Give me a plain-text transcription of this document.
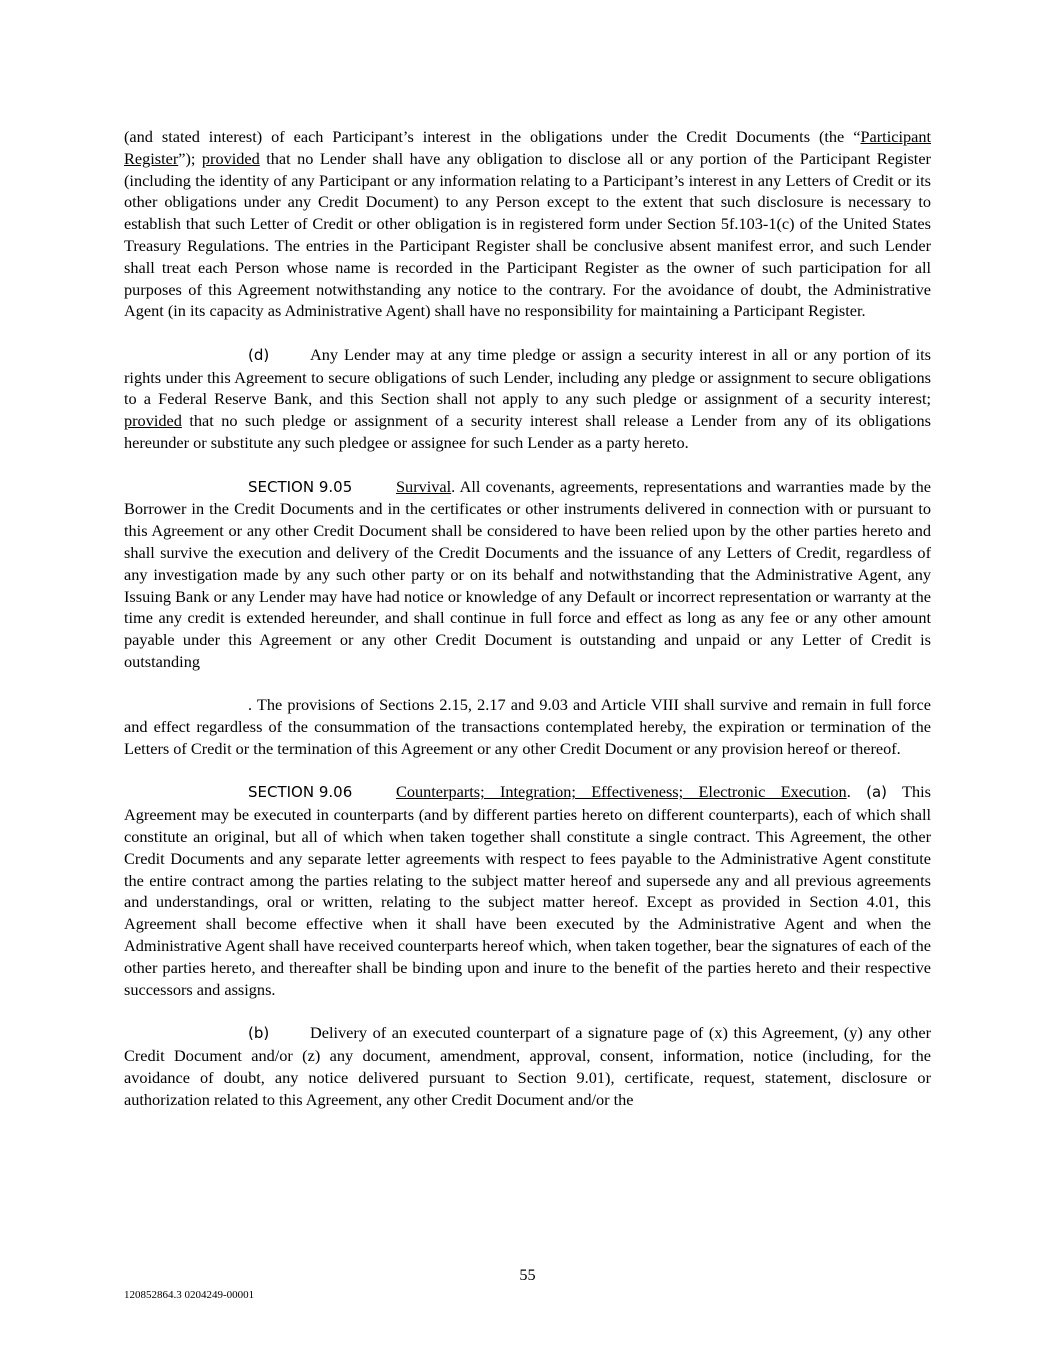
(and stated interest) of each Participant’s interest in the obligations under the Credit Documents (the “Participant Register”); provided that no Lender shall have any obligation to disclose all or any portion of the Participant Register (including the identity of any Participant or any information relating to a Participant’s interest in any Letters of Credit or its other obligations under any Credit Document) to any Person except to the extent that such disclosure is necessary to establish that such Letter of Credit or other obligation is in registered form under Section 5f.103-1(c) of the United States Treasury Regulations. The entries in the Participant Register shall be conclusive absent manifest error, and such Lender shall treat each Person whose name is recorded in the Participant Register as the owner of such participation for all purposes of this Agreement notwithstanding any notice to the contrary. For the avoidance of doubt, the Administrative Agent (in its capacity as Administrative Agent) shall have no responsibility for maintaining a Participant Register.

(d)	Any Lender may at any time pledge or assign a security interest in all or any portion of its rights under this Agreement to secure obligations of such Lender, including any pledge or assignment to secure obligations to a Federal Reserve Bank, and this Section shall not apply to any such pledge or assignment of a security interest; provided that no such pledge or assignment of a security interest shall release a Lender from any of its obligations hereunder or substitute any such pledgee or assignee for such Lender as a party hereto.

SECTION 9.05	Survival. All covenants, agreements, representations and warranties made by the Borrower in the Credit Documents and in the certificates or other instruments delivered in connection with or pursuant to this Agreement or any other Credit Document shall be considered to have been relied upon by the other parties hereto and shall survive the execution and delivery of the Credit Documents and the issuance of any Letters of Credit, regardless of any investigation made by any such other party or on its behalf and notwithstanding that the Administrative Agent, any Issuing Bank or any Lender may have had notice or knowledge of any Default or incorrect representation or warranty at the time any credit is extended hereunder, and shall continue in full force and effect as long as any fee or any other amount payable under this Agreement or any other Credit Document is outstanding and unpaid or any Letter of Credit is outstanding

. The provisions of Sections 2.15, 2.17 and 9.03 and Article VIII shall survive and remain in full force and effect regardless of the consummation of the transactions contemplated hereby, the expiration or termination of the Letters of Credit or the termination of this Agreement or any other Credit Document or any provision hereof or thereof.

SECTION 9.06	Counterparts; Integration; Effectiveness; Electronic Execution. (a) This Agreement may be executed in counterparts (and by different parties hereto on different counterparts), each of which shall constitute an original, but all of which when taken together shall constitute a single contract. This Agreement, the other Credit Documents and any separate letter agreements with respect to fees payable to the Administrative Agent constitute the entire contract among the parties relating to the subject matter hereof and supersede any and all previous agreements and understandings, oral or written, relating to the subject matter hereof. Except as provided in Section 4.01, this Agreement shall become effective when it shall have been executed by the Administrative Agent and when the Administrative Agent shall have received counterparts hereof which, when taken together, bear the signatures of each of the other parties hereto, and thereafter shall be binding upon and inure to the benefit of the parties hereto and their respective successors and assigns.

(b)	Delivery of an executed counterpart of a signature page of (x) this Agreement, (y) any other Credit Document and/or (z) any document, amendment, approval, consent, information, notice (including, for the avoidance of doubt, any notice delivered pursuant to Section 9.01), certificate, request, statement, disclosure or authorization related to this Agreement, any other Credit Document and/or the

55
120852864.3 0204249-00001
